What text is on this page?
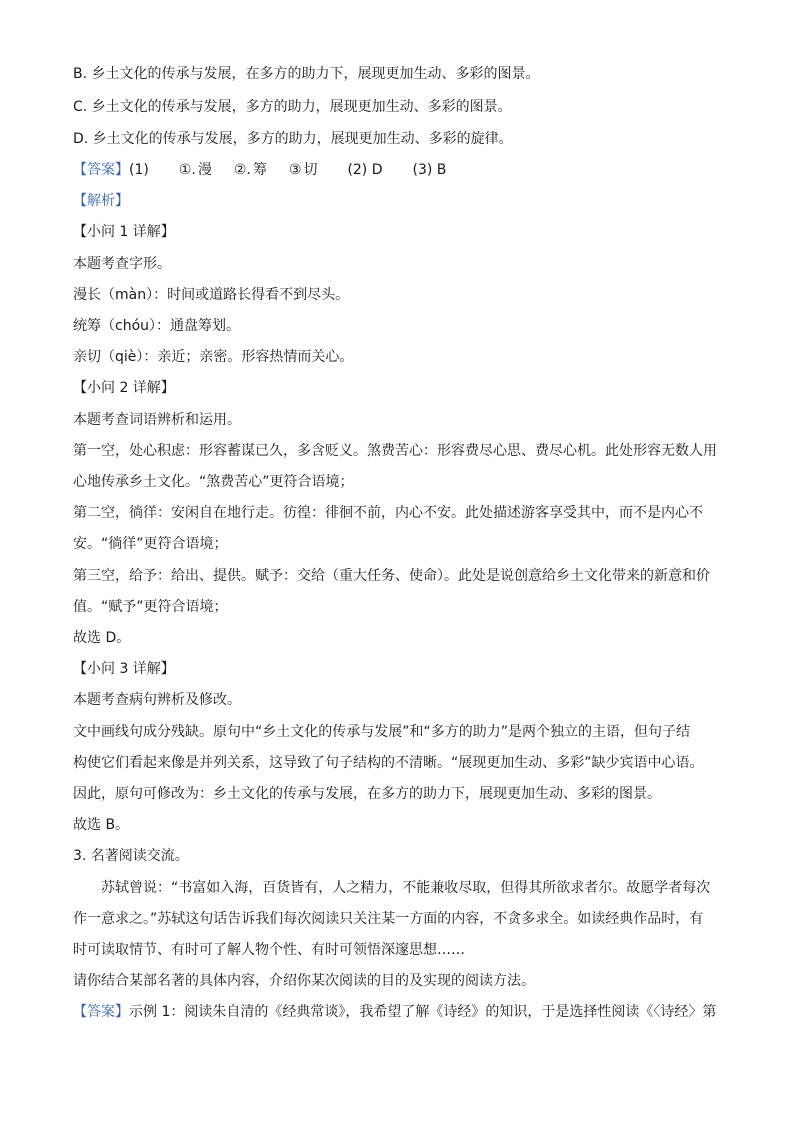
B. 乡土文化的传承与发展，在多方的助力下，展现更加生动、多彩的图景。
C. 乡土文化的传承与发展，多方的助力，展现更加生动、多彩的图景。
D. 乡土文化的传承与发展，多方的助力，展现更加生动、多彩的旋律。
【答案】(1) ①. 漫 ②. 筹 ③ 切 (2) D (3) B
【解析】
【小问 1 详解】
本题考查字形。
漫长（màn）：时间或道路长得看不到尽头。
统筹（chóu）：通盘筹划。
亲切（qiè）：亲近；亲密。形容热情而关心。
【小问 2 详解】
本题考查词语辨析和运用。
第一空，处心积虑：形容蓄谋已久，多含贬义。煞费苦心：形容费尽心思、费尽心机。此处形容无数人用
心地传承乡土文化。“煞费苦心”更符合语境；
第二空，徜徉：安闲自在地行走。彷徨：徘徊不前，内心不安。此处描述游客享受其中，而不是内心不
安。“徜徉”更符合语境；
第三空，给予：给出、提供。赋予：交给（重大任务、使命）。此处是说创意给乡土文化带来的新意和价
值。“赋予”更符合语境；
故选 D。
【小问 3 详解】
本题考查病句辨析及修改。
文中画线句成分残缺。原句中“乡土文化的传承与发展”和“多方的助力”是两个独立的主语，但句子结
构使它们看起来像是并列关系，这导致了句子结构的不清晰。“展现更加生动、多彩”缺少宾语中心语。
因此，原句可修改为：乡土文化的传承与发展，在多方的助力下，展现更加生动、多彩的图景。
故选 B。
3. 名著阅读交流。
苏轼曾说：“书富如入海，百货皆有，人之精力，不能兼收尽取，但得其所欲求者尔。故愿学者每次
作一意求之。”苏轼这句话告诉我们每次阅读只关注某一方面的内容，不贪多求全。如读经典作品时，有
时可读取情节、有时可了解人物个性、有时可领悟深邃思想……
请你结合某部名著的具体内容，介绍你某次阅读的目的及实现的阅读方法。
【答案】示例 1：阅读朱自清的《经典常谈》，我希望了解《诗经》的知识，于是选择性阅读《〈诗经〉第
